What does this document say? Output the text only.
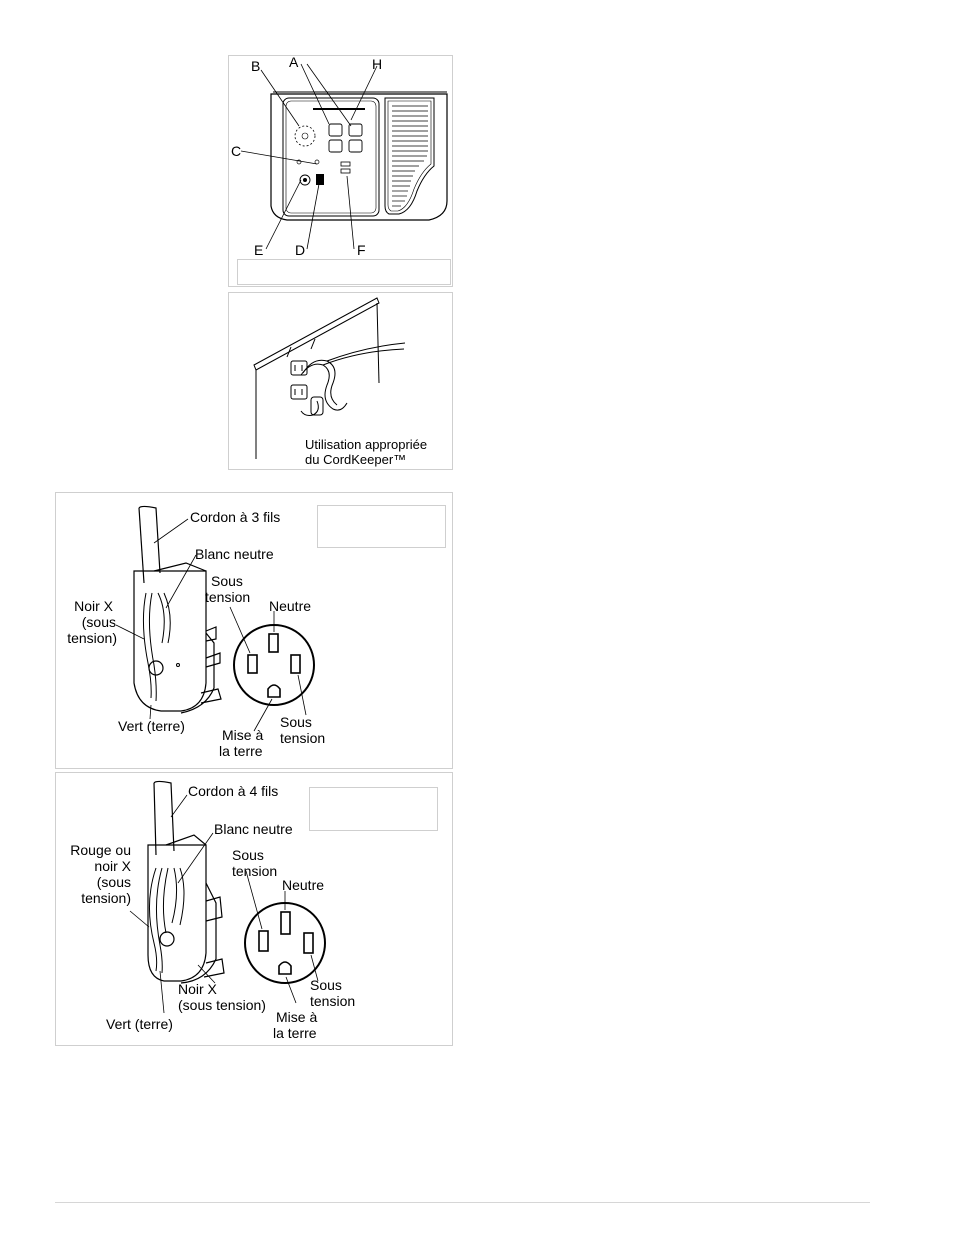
B A	H
C
E D	F
Utilisation appropriée
du CordKeeper™
Cordon à 3 fils
Blanc neutre
Noir X
(sous
tension)
Sous
tension
Neutre
Vert (terre)
Mise à
la terre
Sous
tension
Cordon à 4 fils
Blanc neutre
Rouge ou
noir X
(sous
tension)
Sous
tension
Neutre
Noir X
(sous tension)
Vert (terre)	Mise à
la terre
Sous
tension
